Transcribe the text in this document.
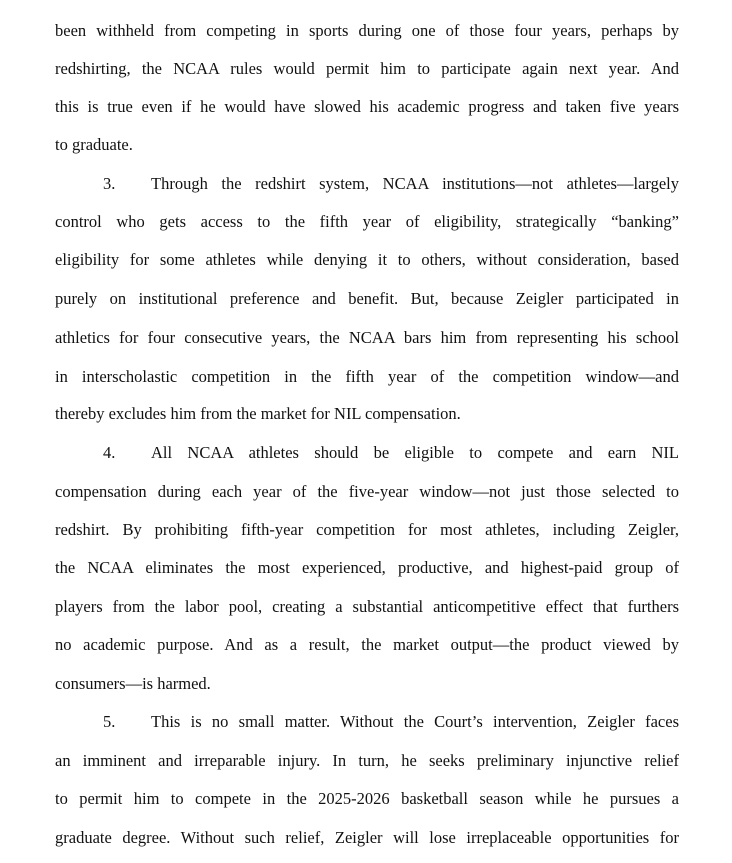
been withheld from competing in sports during one of those four years, perhaps by
redshirting, the NCAA rules would permit him to participate again next year. And
this is true even if he would have slowed his academic progress and taken five years
to graduate.
3.	Through the redshirt system, NCAA institutions—not athletes—largely
control who gets access to the fifth year of eligibility, strategically “banking”
eligibility for some athletes while denying it to others, without consideration, based
purely on institutional preference and benefit. But, because Zeigler participated in
athletics for four consecutive years, the NCAA bars him from representing his school
in interscholastic competition in the fifth year of the competition window—and
thereby excludes him from the market for NIL compensation.
4.	All NCAA athletes should be eligible to compete and earn NIL
compensation during each year of the five-year window—not just those selected to
redshirt. By prohibiting fifth-year competition for most athletes, including Zeigler,
the NCAA eliminates the most experienced, productive, and highest-paid group of
players from the labor pool, creating a substantial anticompetitive effect that furthers
no academic purpose. And as a result, the market output—the product viewed by
consumers—is harmed.
5.	This is no small matter. Without the Court’s intervention, Zeigler faces
an imminent and irreparable injury. In turn, he seeks preliminary injunctive relief
to permit him to compete in the 2025-2026 basketball season while he pursues a
graduate degree. Without such relief, Zeigler will lose irreplaceable opportunities for
